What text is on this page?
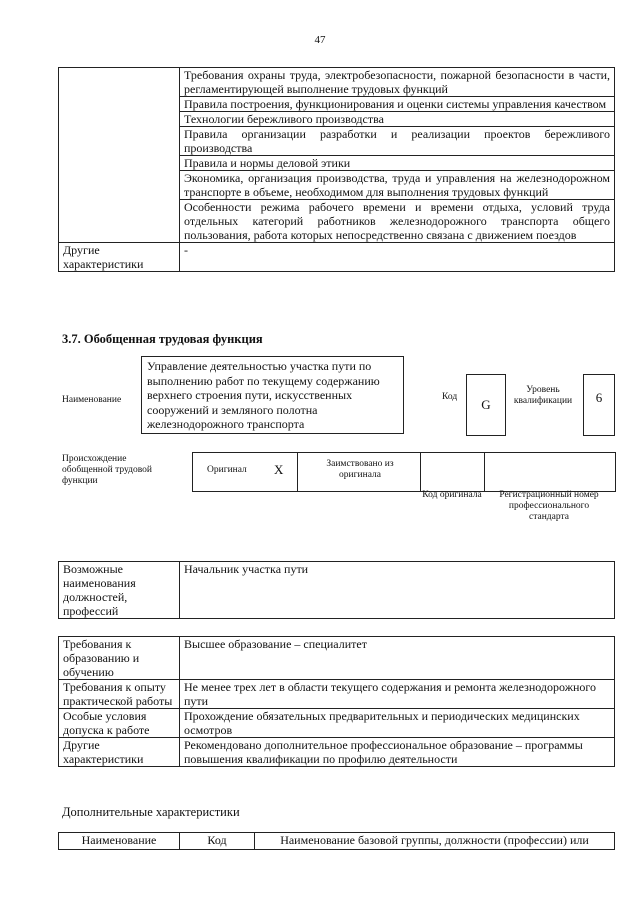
47
	Требования охраны труда, электробезопасности, пожарной безопасности в части, регламентирующей выполнение трудовых функций
	Правила построения, функционирования и оценки системы управления качеством
	Технологии бережливого производства
	Правила организации разработки и реализации проектов бережливого производства
	Правила и нормы деловой этики
	Экономика, организация производства, труда и управления на железнодорожном транспорте в объеме, необходимом для выполнения трудовых функций
	Особенности режима рабочего времени и времени отдыха, условий труда отдельных категорий работников железнодорожного транспорта общего пользования, работа которых непосредственно связана с движением поездов
Другие характеристики	-
3.7. Обобщенная трудовая функция
Наименование
Управление деятельностью участка пути по выполнению работ по текущему содержанию верхнего строения пути, искусственных сооружений и земляного полотна железнодорожного транспорта
Код	G
Уровень квалификации	6
Происхождение обобщенной трудовой функции
Оригинал X	Заимствовано из оригинала
Код оригинала	Регистрационный номер профессионального стандарта
Возможные наименования должностей, профессий	Начальник участка пути
Требования к образованию и обучению	Высшее образование – специалитет
Требования к опыту практической работы	Не менее трех лет в области текущего содержания и ремонта железнодорожного пути
Особые условия допуска к работе	Прохождение обязательных предварительных и периодических медицинских осмотров
Другие характеристики	Рекомендовано дополнительное профессиональное образование – программы повышения квалификации по профилю деятельности
Дополнительные характеристики
Наименование	Код	Наименование базовой группы, должности (профессии) или
